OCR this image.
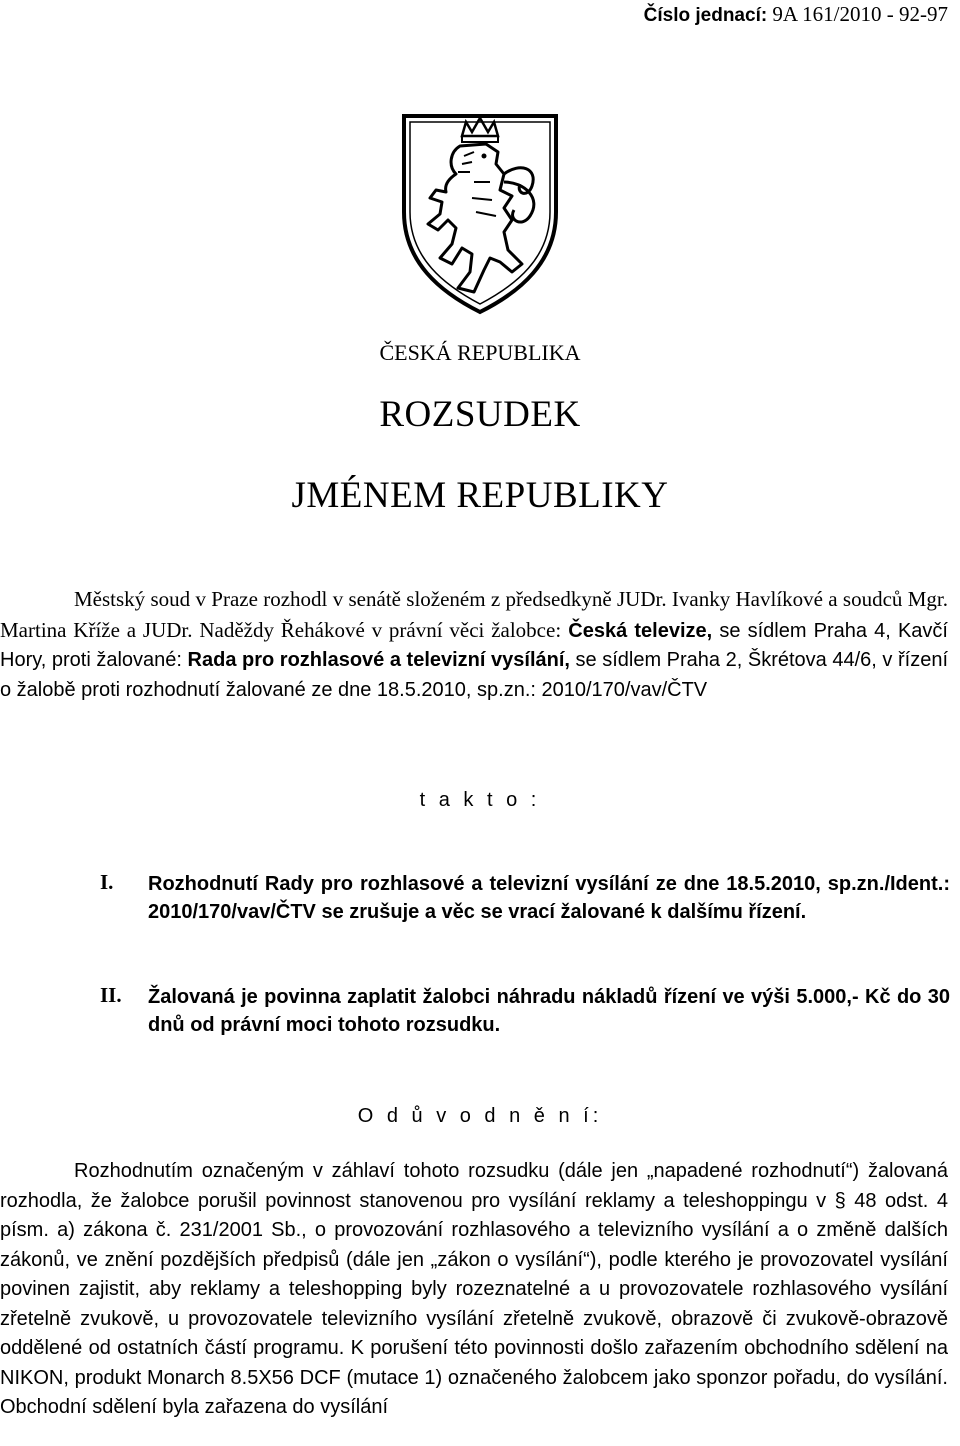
Číslo jednací: 9A 161/2010 - 92-97
ČESKÁ REPUBLIKA
ROZSUDEK
JMÉNEM REPUBLIKY
Městský soud v Praze rozhodl v senátě složeném z předsedkyně JUDr. Ivanky Havlíkové a soudců Mgr. Martina Kříže a JUDr. Naděždy Řehákové v právní věci žalobce: Česká televize, se sídlem Praha 4, Kavčí Hory, proti žalované: Rada pro rozhlasové a televizní vysílání, se sídlem Praha 2, Škrétova 44/6, v řízení o žalobě proti rozhodnutí žalované ze dne 18.5.2010, sp.zn.: 2010/170/vav/ČTV
t a k t o :
I. Rozhodnutí Rady pro rozhlasové a televizní vysílání ze dne 18.5.2010, sp.zn./Ident.: 2010/170/vav/ČTV se zrušuje a věc se vrací žalované k dalšímu řízení.
II. Žalovaná je povinna zaplatit žalobci náhradu nákladů řízení ve výši 5.000,- Kč do 30 dnů od právní moci tohoto rozsudku.
O d ů v o d n ě n í:
Rozhodnutím označeným v záhlaví tohoto rozsudku (dále jen „napadené rozhodnutí“) žalovaná rozhodla, že žalobce porušil povinnost stanovenou pro vysílání reklamy a teleshoppingu v § 48 odst. 4 písm. a) zákona č. 231/2001 Sb., o provozování rozhlasového a televizního vysílání a o změně dalších zákonů, ve znění pozdějších předpisů (dále jen „zákon o vysílání“), podle kterého je provozovatel vysílání povinen zajistit, aby reklamy a teleshopping byly rozeznatelné a u provozovatele rozhlasového vysílání zřetelně zvukově, u provozovatele televizního vysílání zřetelně zvukově, obrazově či zvukově-obrazově oddělené od ostatních částí programu. K porušení této povinnosti došlo zařazením obchodního sdělení na NIKON, produkt Monarch 8.5X56 DCF (mutace 1) označeného žalobcem jako sponzor pořadu, do vysílání. Obchodní sdělení byla zařazena do vysílání
